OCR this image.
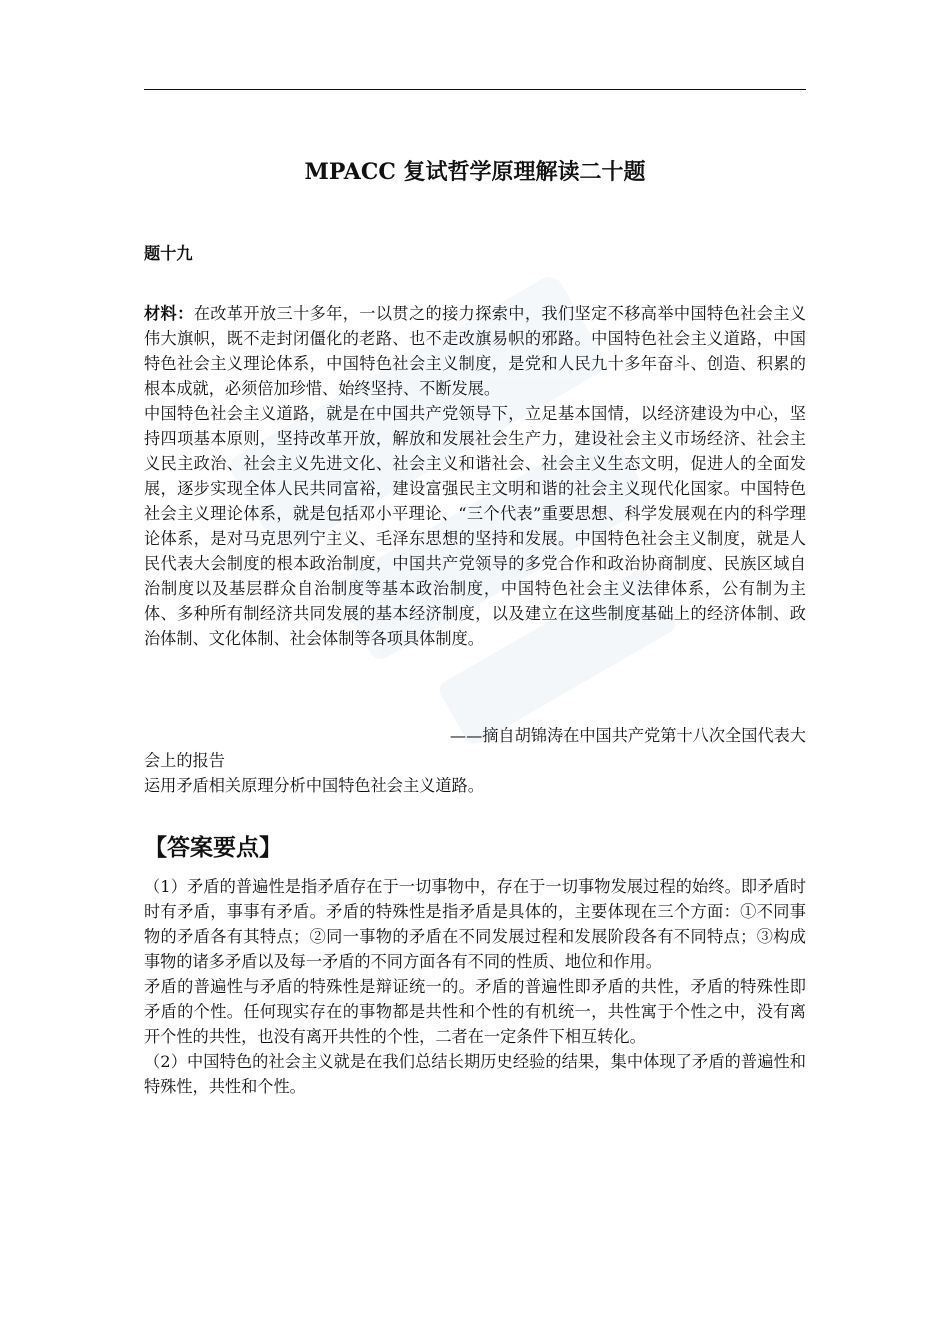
MPACC 复试哲学原理解读二十题
题十九

材料：在改革开放三十多年，一以贯之的接力探索中，我们坚定不移高举中国特色社会主义伟大旗帜，既不走封闭僵化的老路、也不走改旗易帜的邪路。中国特色社会主义道路，中国特色社会主义理论体系，中国特色社会主义制度，是党和人民九十多年奋斗、创造、积累的根本成就，必须倍加珍惜、始终坚持、不断发展。

中国特色社会主义道路，就是在中国共产党领导下，立足基本国情，以经济建设为中心，坚持四项基本原则，坚持改革开放，解放和发展社会生产力，建设社会主义市场经济、社会主义民主政治、社会主义先进文化、社会主义和谐社会、社会主义生态文明，促进人的全面发展，逐步实现全体人民共同富裕，建设富强民主文明和谐的社会主义现代化国家。中国特色社会主义理论体系，就是包括邓小平理论、“三个代表”重要思想、科学发展观在内的科学理论体系，是对马克思列宁主义、毛泽东思想的坚持和发展。中国特色社会主义制度，就是人民代表大会制度的根本政治制度，中国共产党领导的多党合作和政治协商制度、民族区域自治制度以及基层群众自治制度等基本政治制度，中国特色社会主义法律体系，公有制为主体、多种所有制经济共同发展的基本经济制度，以及建立在这些制度基础上的经济体制、政治体制、文化体制、社会体制等各项具体制度。

——摘自胡锦涛在中国共产党第十八次全国代表大

会上的报告

运用矛盾相关原理分析中国特色社会主义道路。
【答案要点】

（1）矛盾的普遍性是指矛盾存在于一切事物中，存在于一切事物发展过程的始终。即矛盾时时有矛盾，事事有矛盾。矛盾的特殊性是指矛盾是具体的，主要体现在三个方面：①不同事物的矛盾各有其特点；②同一事物的矛盾在不同发展过程和发展阶段各有不同特点；③构成事物的诸多矛盾以及每一矛盾的不同方面各有不同的性质、地位和作用。

矛盾的普遍性与矛盾的特殊性是辩证统一的。矛盾的普遍性即矛盾的共性，矛盾的特殊性即矛盾的个性。任何现实存在的事物都是共性和个性的有机统一，共性寓于个性之中，没有离开个性的共性，也没有离开共性的个性，二者在一定条件下相互转化。

（2）中国特色的社会主义就是在我们总结长期历史经验的结果，集中体现了矛盾的普遍性和特殊性，共性和个性。
